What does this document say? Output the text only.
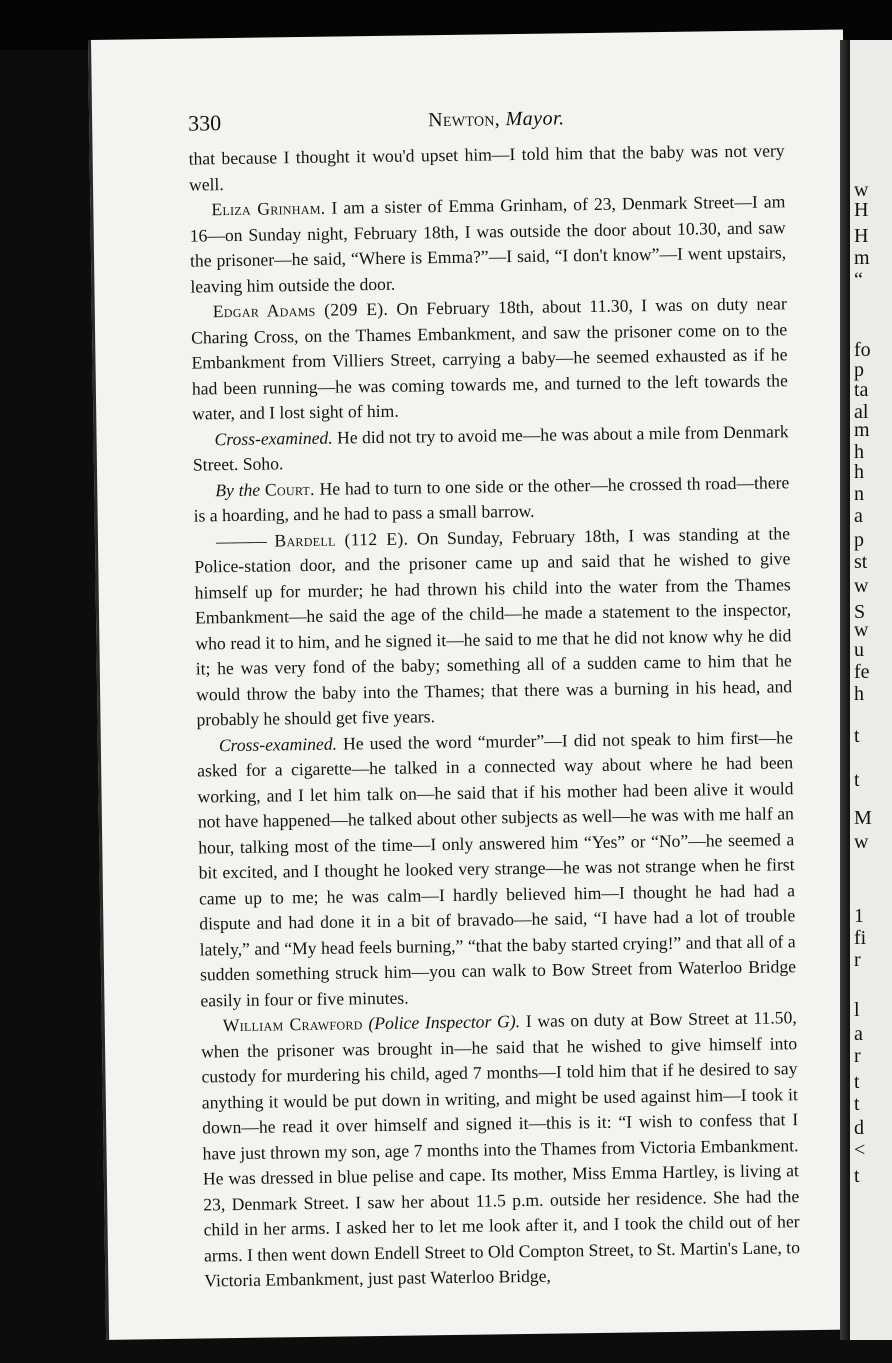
330	Newton, Mayor.

that because I thought it wou'd upset him—I told him that the baby was not very well.

Eliza Grinham. I am a sister of Emma Grinham, of 23, Denmark Street—I am 16—on Sunday night, February 18th, I was outside the door about 10.30, and saw the prisoner—he said, “Where is Emma?”—I said, “I don't know”—I went upstairs, leaving him outside the door.

Edgar Adams (209 E). On February 18th, about 11.30, I was on duty near Charing Cross, on the Thames Embankment, and saw the prisoner come on to the Embankment from Villiers Street, carrying a baby—he seemed exhausted as if he had been running—he was coming towards me, and turned to the left towards the water, and I lost sight of him.

Cross-examined. He did not try to avoid me—he was about a mile from Denmark Street. Soho.

By the Court. He had to turn to one side or the other—he crossed th road—there is a hoarding, and he had to pass a small barrow.

——— Bardell (112 E). On Sunday, February 18th, I was standing at the Police-station door, and the prisoner came up and said that he wished to give himself up for murder; he had thrown his child into the water from the Thames Embankment—he said the age of the child—he made a statement to the inspector, who read it to him, and he signed it—he said to me that he did not know why he did it; he was very fond of the baby; something all of a sudden came to him that he would throw the baby into the Thames; that there was a burning in his head, and probably he should get five years.

Cross-examined. He used the word “murder”—I did not speak to him first—he asked for a cigarette—he talked in a connected way about where he had been working, and I let him talk on—he said that if his mother had been alive it would not have happened—he talked about other subjects as well—he was with me half an hour, talking most of the time—I only answered him “Yes” or “No”—he seemed a bit excited, and I thought he looked very strange—he was not strange when he first came up to me; he was calm—I hardly believed him—I thought he had had a dispute and had done it in a bit of bravado—he said, “I have had a lot of trouble lately,” and “My head feels burning,” “that the baby started crying!” and that all of a sudden something struck him—you can walk to Bow Street from Waterloo Bridge easily in four or five minutes.

William Crawford (Police Inspector G). I was on duty at Bow Street at 11.50, when the prisoner was brought in—he said that he wished to give himself into custody for murdering his child, aged 7 months—I told him that if he desired to say anything it would be put down in writing, and might be used against him—I took it down—he read it over himself and signed it—this is it: “I wish to confess that I have just thrown my son, age 7 months into the Thames from Victoria Embankment. He was dressed in blue pelise and cape. Its mother, Miss Emma Hartley, is living at 23, Denmark Street. I saw her about 11.5 p.m. outside her residence. She had the child in her arms. I asked her to let me look after it, and I took the child out of her arms. I then went down Endell Street to Old Compton Street, to St. Martin's Lane, to Victoria Embankment, just past Waterloo Bridge,

w
H
H
m
“
fo
p
ta
al
m
h
h
n
a
p
st
w
S
w
u
fe
h
t
t
M
w
1
fi
r
l
a
r
t
t
d
<
t
